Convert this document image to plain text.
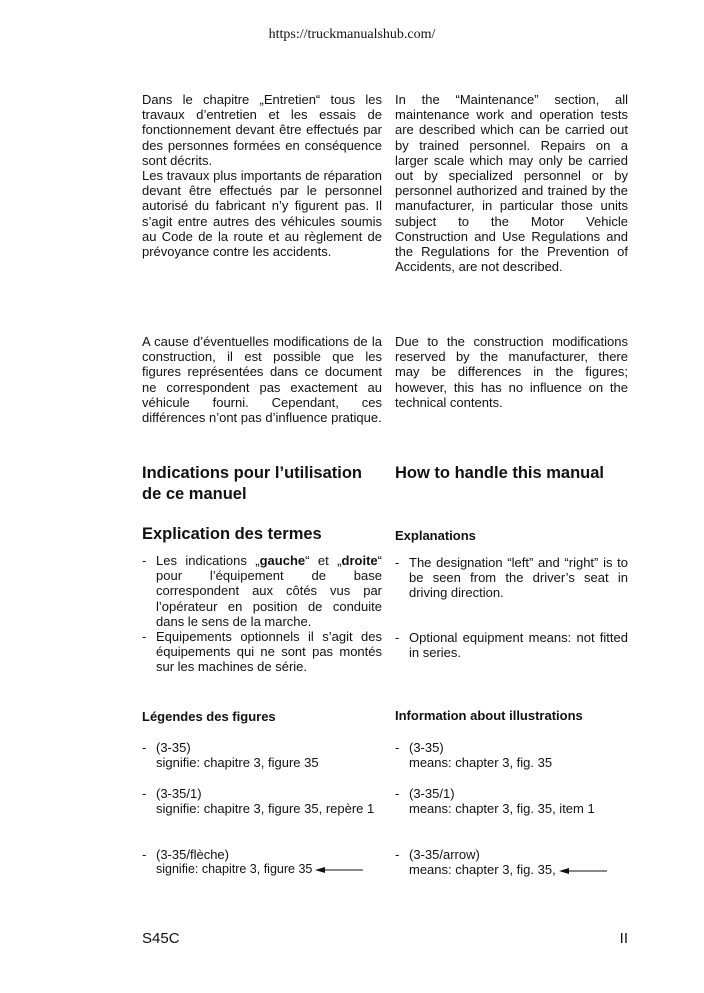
https://truckmanualshub.com/
Dans le chapitre „Entretien“ tous les travaux d’entretien et les essais de fonctionnement devant être effectués par des personnes formées en conséquence sont décrits.
Les travaux plus importants de réparation devant être effectués par le personnel autorisé du fabricant n’y figurent pas. Il s’agit entre autres des véhicules soumis au Code de la route et au règlement de prévoyance contre les accidents.
In the “Maintenance” section, all maintenance work and operation tests are described which can be carried out by trained personnel. Repairs on a larger scale which may only be carried out by specialized personnel or by personnel authorized and trained by the manufacturer, in particular those units subject to the Motor Vehicle Construction and Use Regulations and the Regulations for the Prevention of Accidents, are not described.
A cause d’éventuelles modifications de la construction, il est possible que les figures représentées dans ce document ne correspondent pas exactement au véhicule fourni. Cependant, ces différences n’ont pas d’influence pratique.
Due to the construction modifications reserved by the manufacturer, there may be differences in the figures; however, this has no influence on the technical contents.
Indications pour l’utilisation de ce manuel
How to handle this manual
Explication des termes	Explanations
- Les indications „gauche“ et „droite“ pour l’équipement de base correspondent aux côtés vus par l’opérateur en position de conduite dans le sens de la marche.
- Equipements optionnels il s’agit des équipements qui ne sont pas montés sur les machines de série.
- The designation “left” and “right” is to be seen from the driver’s seat in driving direction.
- Optional equipment means: not fitted in series.
Légendes des figures	Information about illustrations
- (3-35)
signifie: chapitre 3, figure 35
- (3-35/1)
signifie: chapitre 3, figure 35, repère 1
- (3-35/flèche)
signifie: chapitre 3, figure 35
- (3-35)
means: chapter 3, fig. 35
- (3-35/1)
means: chapter 3, fig. 35, item 1
- (3-35/arrow)
means: chapter 3, fig. 35,
S45C	II
